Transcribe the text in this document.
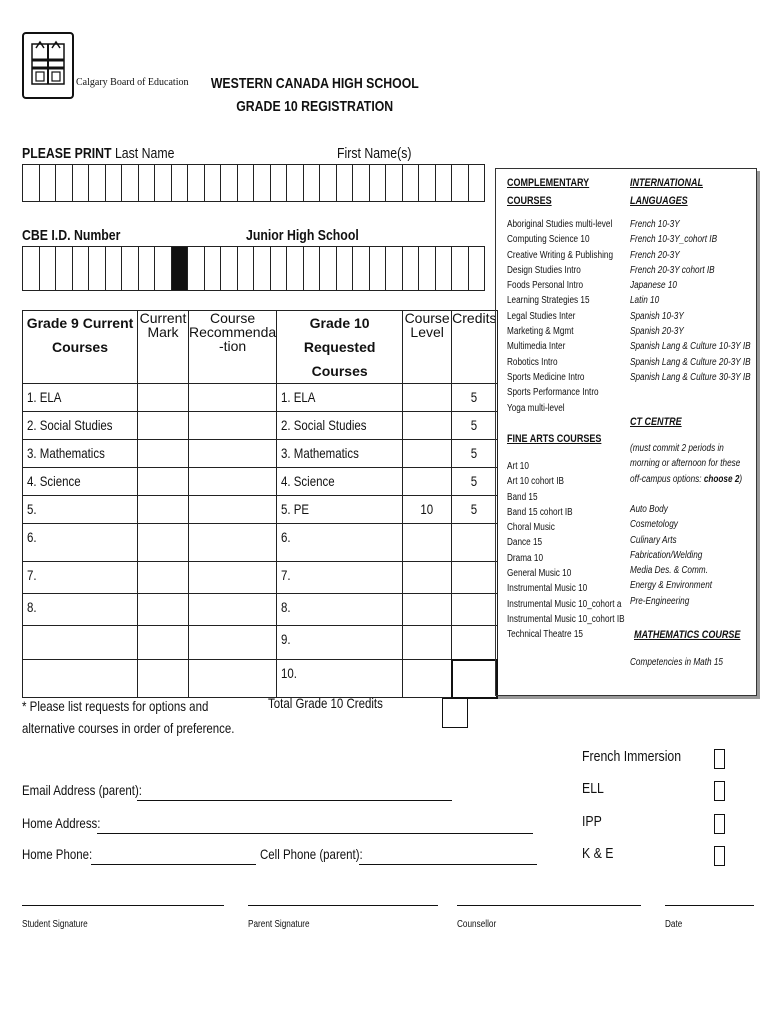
Calgary Board of Education	WESTERN CANADA HIGH SCHOOL
GRADE 10 REGISTRATION
PLEASE PRINT Last Name	First Name(s)
CBE I.D. Number	Junior High School
Grade 9 Current Courses	Current Mark	Course Recommenda -tion	Grade 10 Requested Courses	Course Level	Credits
1. ELA			1. ELA		5
2. Social Studies			2. Social Studies		5
3. Mathematics			3. Mathematics		5
4. Science			4. Science		5
5.			5. PE	10	5
6.			6.		
7.			7.		
8.			8.		
			9.		
			10.		
* Please list requests for options and alternative courses in order of preference.
Total Grade 10 Credits
COMPLEMENTARY COURSES
INTERNATIONAL LANGUAGES
Aboriginal Studies multi-level
Computing Science 10
Creative Writing & Publishing
Design Studies Intro
Foods Personal Intro
Learning Strategies 15
Legal Studies Inter
Marketing & Mgmt
Multimedia Inter
Robotics Intro
Sports Medicine Intro
Sports Performance Intro
Yoga multi-level
French 10-3Y
French 10-3Y_cohort IB
French 20-3Y
French 20-3Y cohort IB
Japanese 10
Latin 10
Spanish 10-3Y
Spanish 20-3Y
Spanish Lang & Culture 10-3Y IB
Spanish Lang & Culture 20-3Y IB
Spanish Lang & Culture 30-3Y IB
FINE ARTS COURSES
Art 10
Art 10 cohort IB
Band 15
Band 15 cohort IB
Choral Music
Dance 15
Drama 10
General Music 10
Instrumental Music 10
Instrumental Music 10_cohort a
Instrumental Music 10_cohort IB
Technical Theatre 15
CT CENTRE
(must commit 2 periods in morning or afternoon for these off-campus options: choose 2)
Auto Body
Cosmetology
Culinary Arts
Fabrication/Welding
Media Des. & Comm.
Energy & Environment
Pre-Engineering
MATHEMATICS COURSE
Competencies in Math 15
French Immersion
ELL
IPP
K & E
Email Address (parent):
Home Address:
Home Phone:	Cell Phone (parent):
Student Signature	Parent Signature	Counsellor	Date
